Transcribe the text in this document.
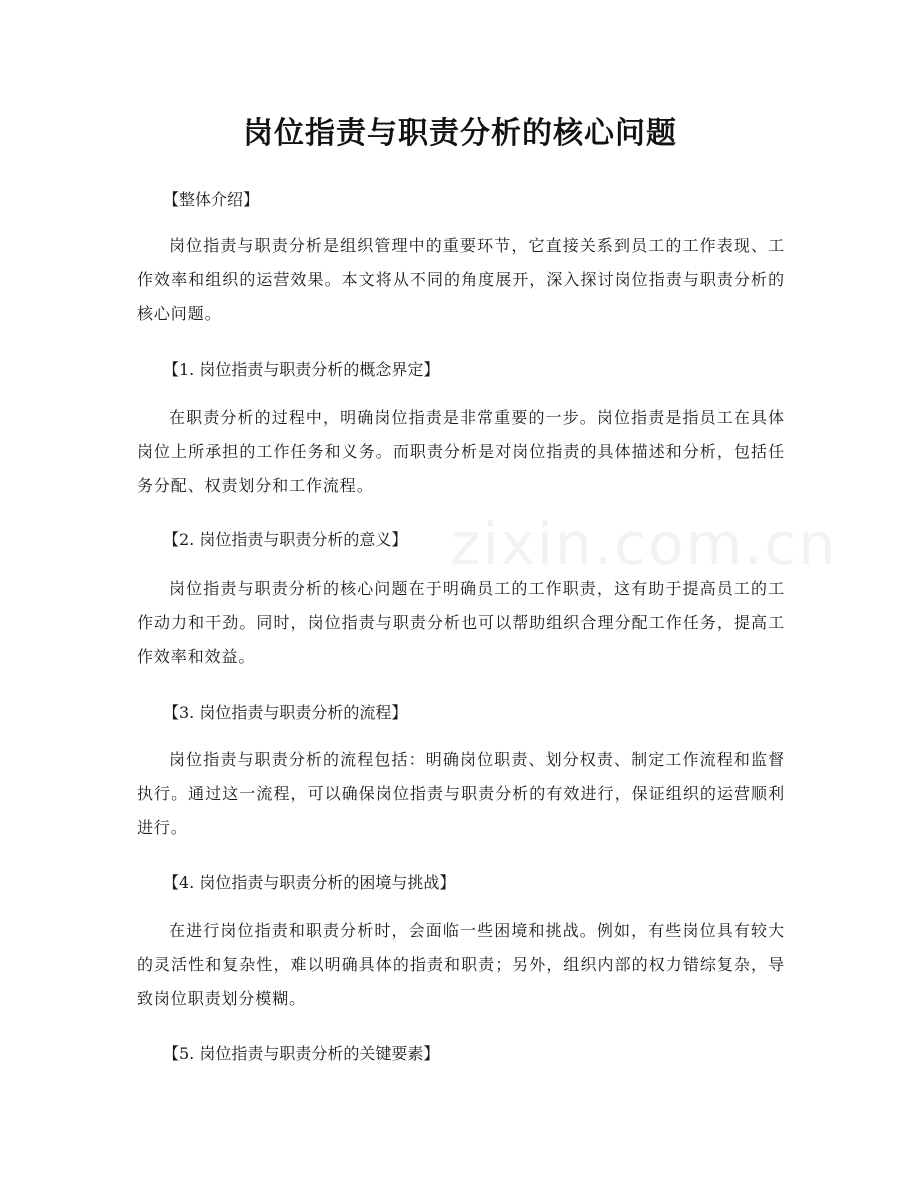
zixin.com.cn
岗位指责与职责分析的核心问题
【整体介绍】
岗位指责与职责分析是组织管理中的重要环节，它直接关系到员工的工作表现、工作效率和组织的运营效果。本文将从不同的角度展开，深入探讨岗位指责与职责分析的核心问题。
【1. 岗位指责与职责分析的概念界定】
在职责分析的过程中，明确岗位指责是非常重要的一步。岗位指责是指员工在具体岗位上所承担的工作任务和义务。而职责分析是对岗位指责的具体描述和分析，包括任务分配、权责划分和工作流程。
【2. 岗位指责与职责分析的意义】
岗位指责与职责分析的核心问题在于明确员工的工作职责，这有助于提高员工的工作动力和干劲。同时，岗位指责与职责分析也可以帮助组织合理分配工作任务，提高工作效率和效益。
【3. 岗位指责与职责分析的流程】
岗位指责与职责分析的流程包括：明确岗位职责、划分权责、制定工作流程和监督执行。通过这一流程，可以确保岗位指责与职责分析的有效进行，保证组织的运营顺利进行。
【4. 岗位指责与职责分析的困境与挑战】
在进行岗位指责和职责分析时，会面临一些困境和挑战。例如，有些岗位具有较大的灵活性和复杂性，难以明确具体的指责和职责；另外，组织内部的权力错综复杂，导致岗位职责划分模糊。
【5. 岗位指责与职责分析的关键要素】
